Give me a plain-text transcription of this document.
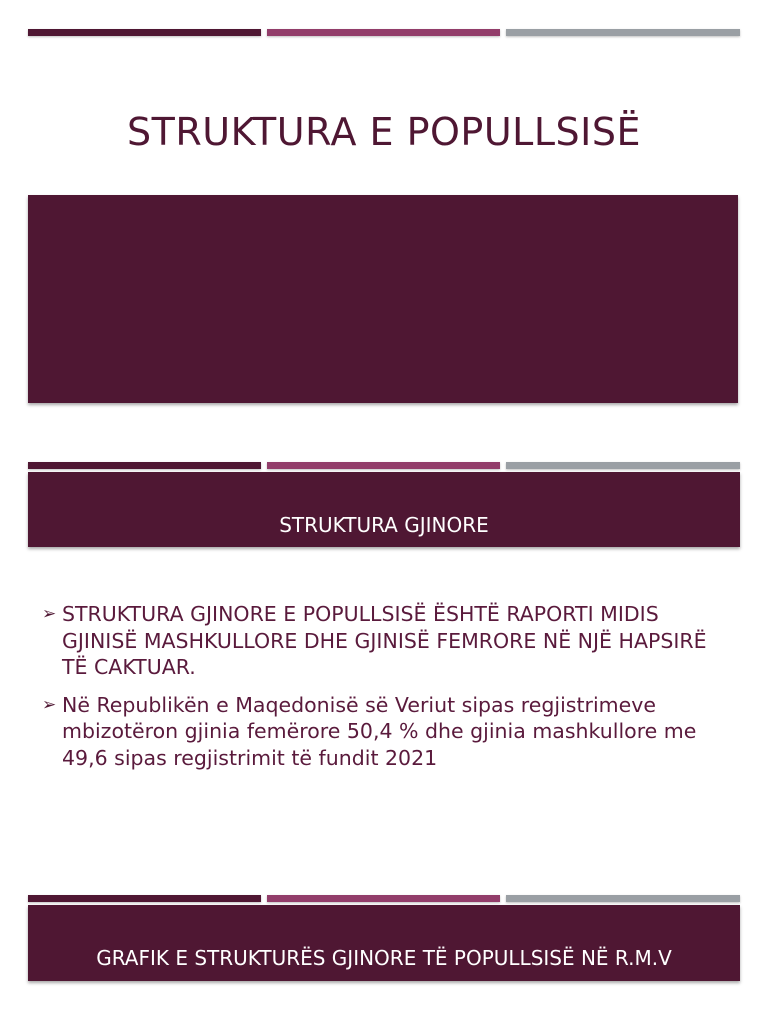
STRUKTURA E POPULLSISË
STRUKTURA GJINORE
➢ STRUKTURA GJINORE E POPULLSISË ËSHTË RAPORTI MIDIS GJINISË MASHKULLORE DHE GJINISË FEMRORE NË NJË HAPSIRË TË CAKTUAR.
➢ Në Republikën e Maqedonisë së Veriut sipas regjistrimeve mbizotëron gjinia femërore 50,4 % dhe gjinia mashkullore me 49,6 sipas regjistrimit të fundit 2021
GRAFIK E STRUKTURËS GJINORE TË POPULLSISË NË R.M.V
